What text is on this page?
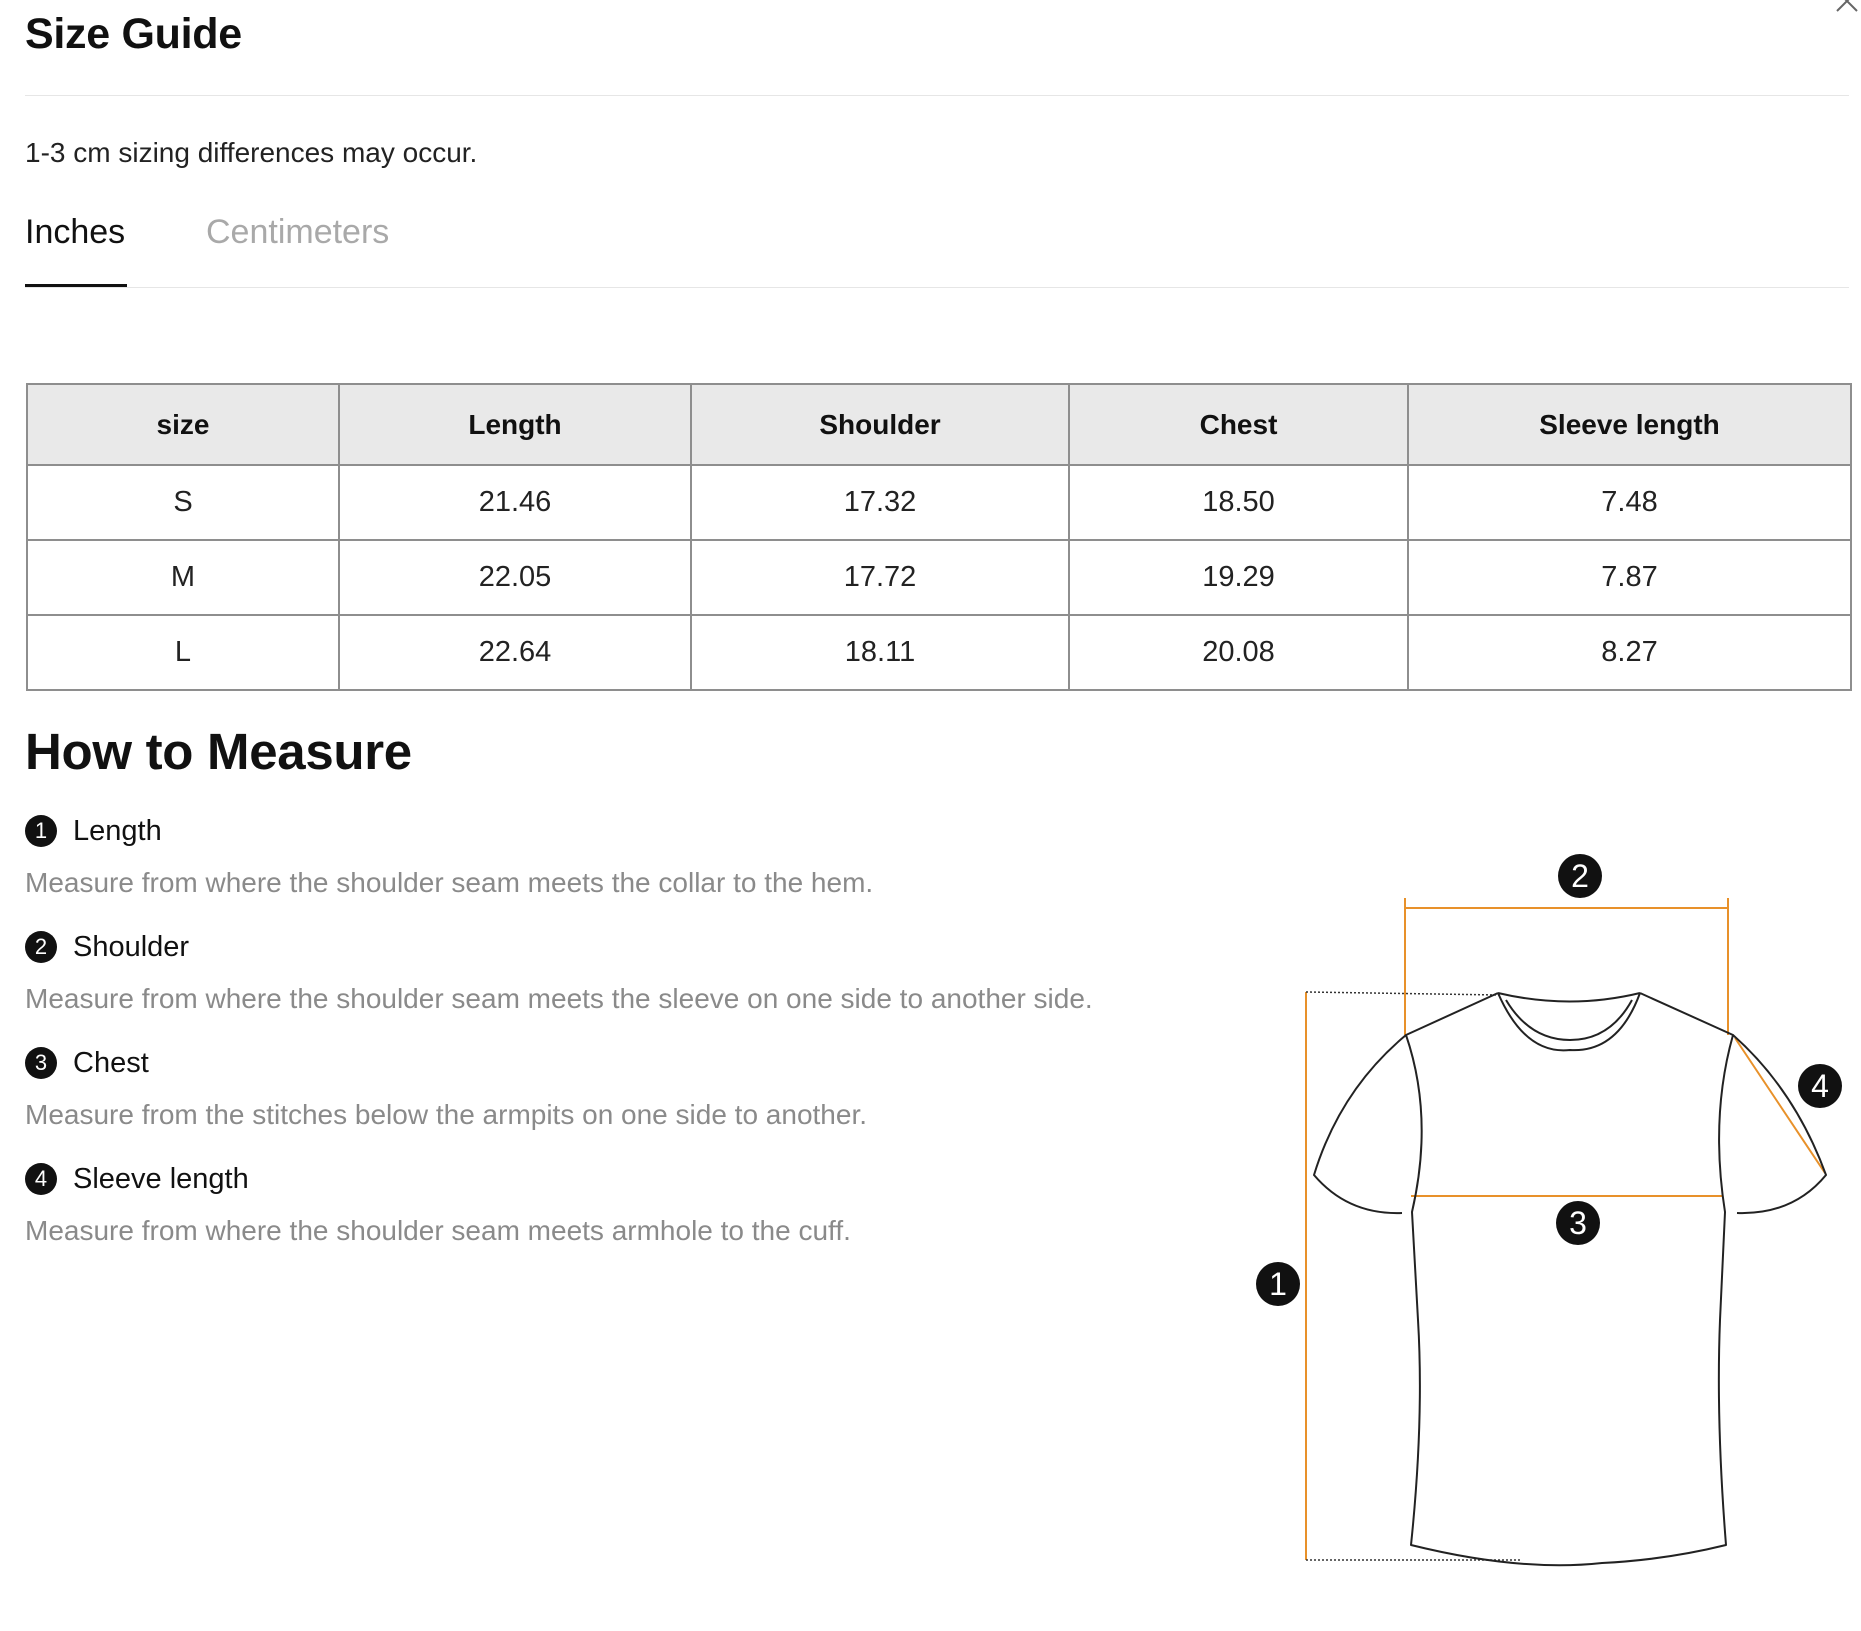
Size Guide
1-3 cm sizing differences may occur.
Inches Centimeters
size	Length	Shoulder	Chest	Sleeve length
S	21.46	17.32	18.50	7.48
M	22.05	17.72	19.29	7.87
L	22.64	18.11	20.08	8.27
How to Measure
1 Length
Measure from where the shoulder seam meets the collar to the hem.
2 Shoulder
Measure from where the shoulder seam meets the sleeve on one side to another side.
3 Chest
Measure from the stitches below the armpits on one side to another.
4 Sleeve length
Measure from where the shoulder seam meets armhole to the cuff.
1
2
3
4
